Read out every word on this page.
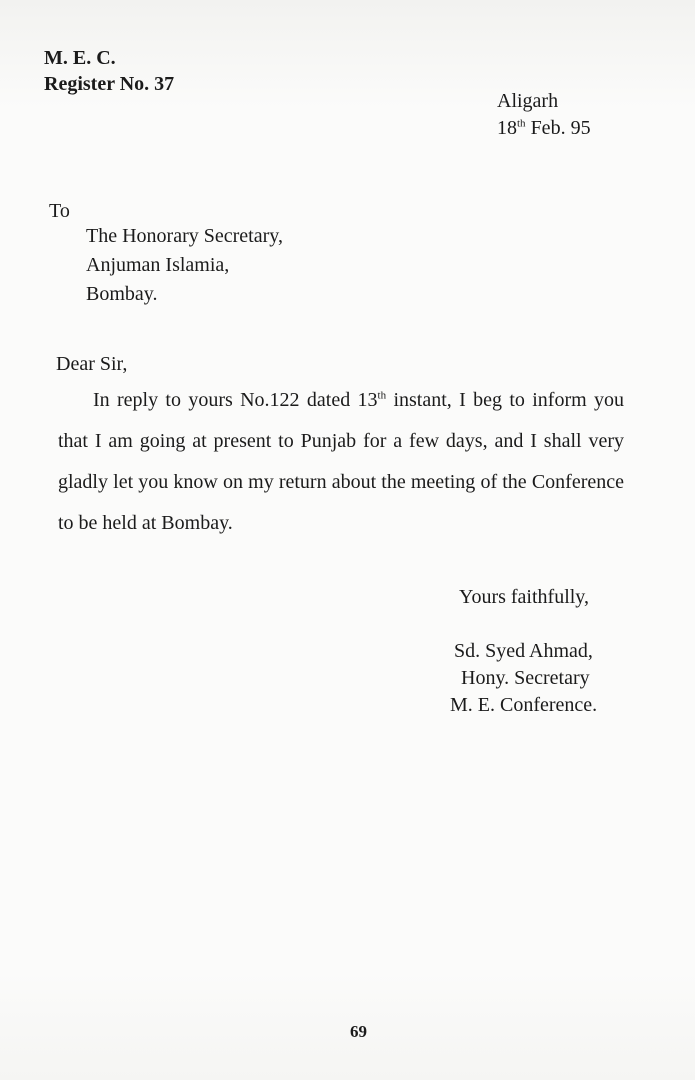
M. E. C.
Register No. 37
Aligarh
18th Feb. 95
To
The Honorary Secretary,
Anjuman Islamia,
Bombay.
Dear Sir,
In reply to yours No.122 dated 13th instant, I beg to inform you that I am going at present to Punjab for a few days, and I shall very gladly let you know on my return about the meeting of the Conference to be held at Bombay.
Yours faithfully,
Sd. Syed Ahmad,
Hony. Secretary
M. E. Conference.
69
